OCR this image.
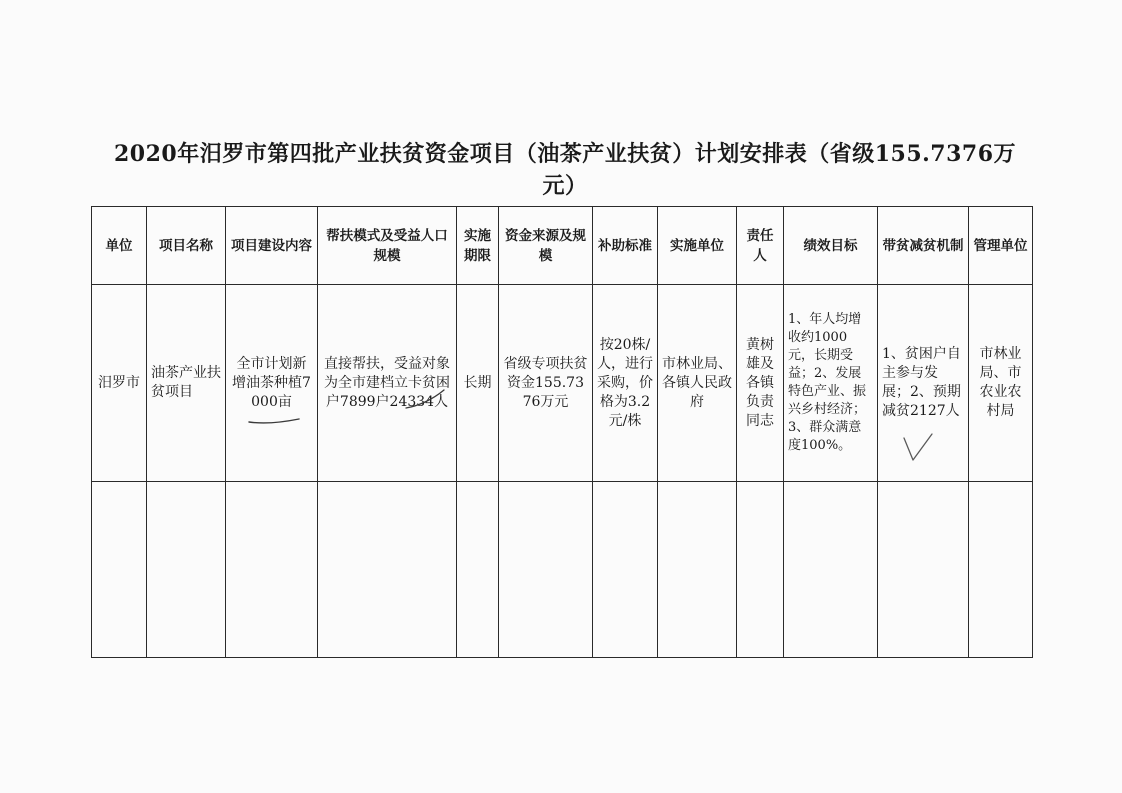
2020年汨罗市第四批产业扶贫资金项目（油茶产业扶贫）计划安排表（省级155.7376万元）
单位	项目名称	项目建设内容	帮扶模式及受益人口规模	实施期限	资金来源及规模	补助标准	实施单位	责任人	绩效目标	带贫减贫机制	管理单位
汨罗市	油茶产业扶贫项目	全市计划新增油茶种植7000亩	直接帮扶，受益对象为全市建档立卡贫困户7899户24334人	长期	省级专项扶贫资金155.7376万元	按20株/人，进行采购，价格为3.2元/株	市林业局、各镇人民政府	黄树雄及各镇负责同志	1、年人均增收约1000元，长期受益；2、发展特色产业、振兴乡村经济；3、群众满意度100%。	1、贫困户自主参与发展；2、预期减贫2127人	市林业局、市农业农村局
